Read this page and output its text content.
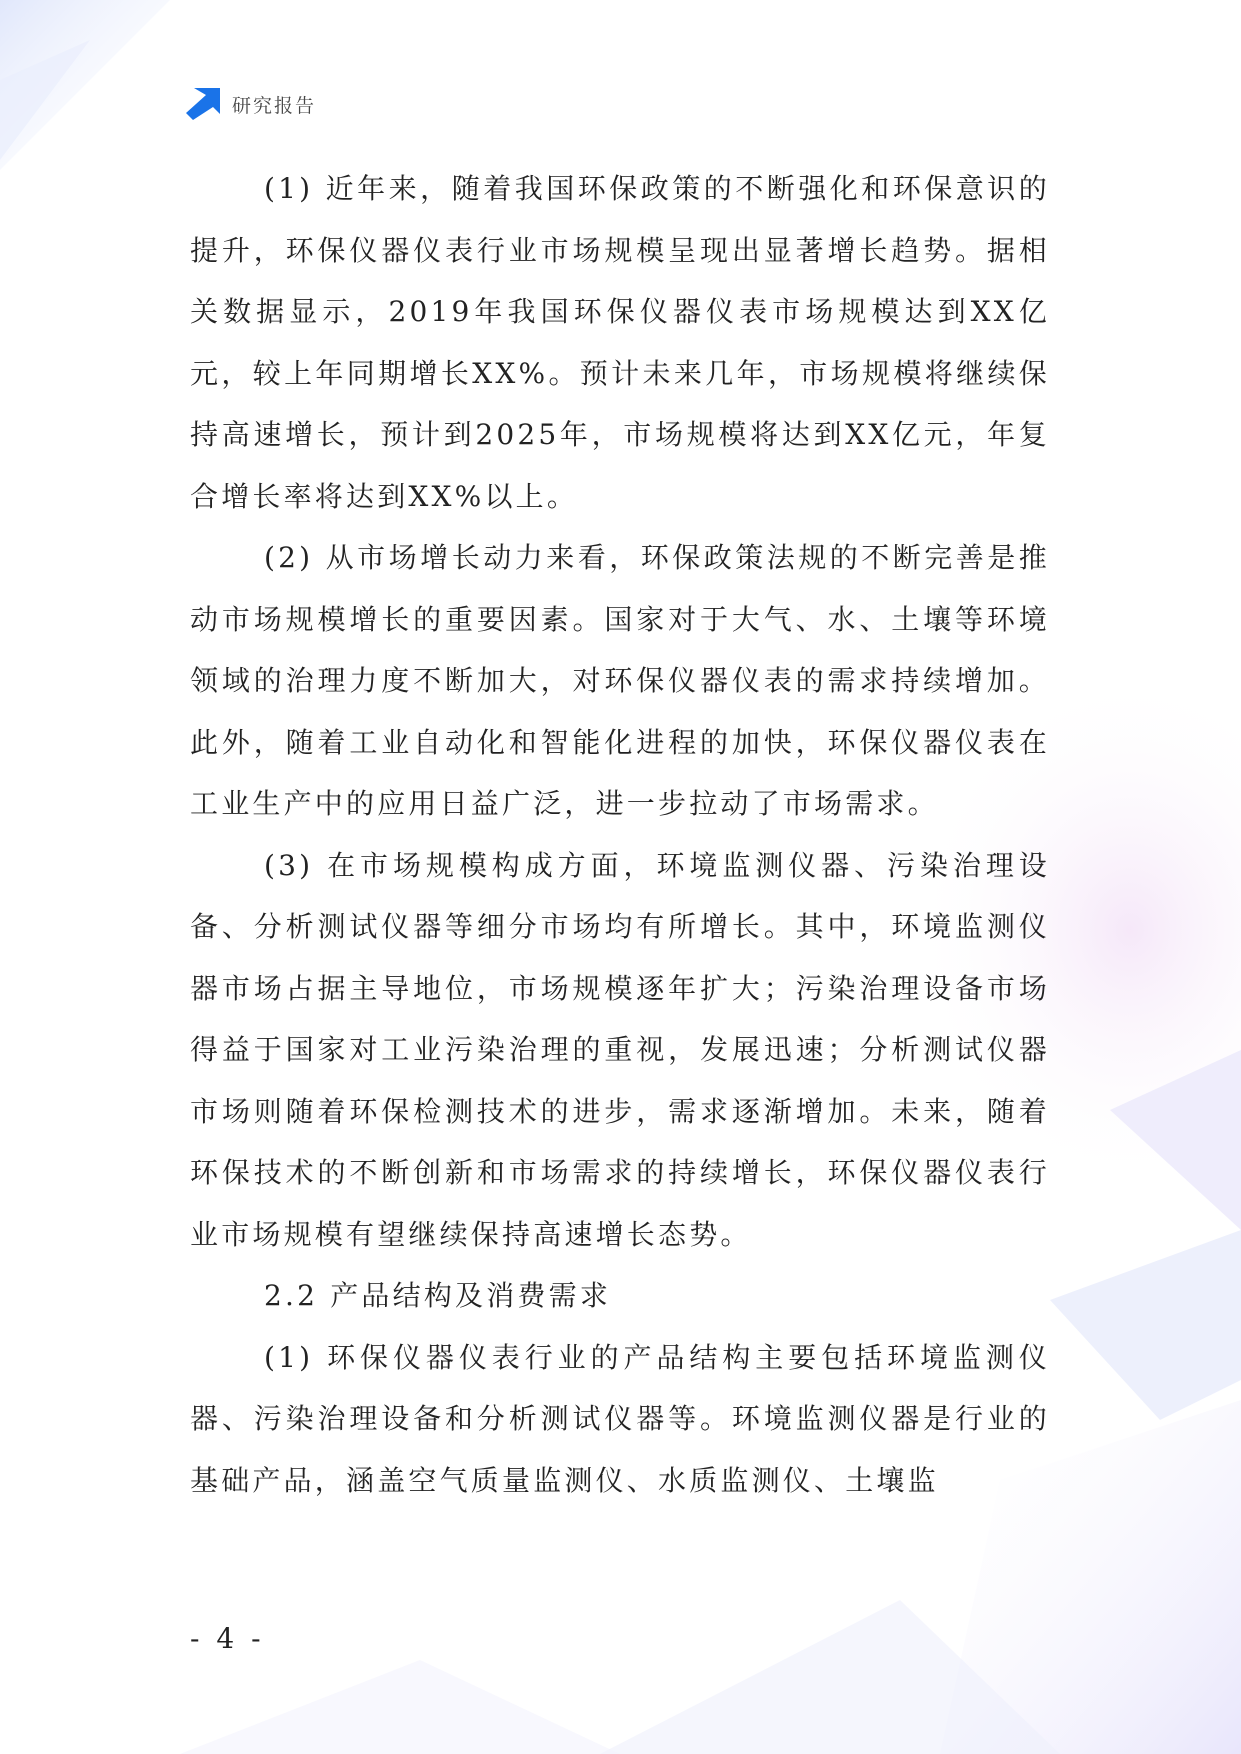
研究报告

(1) 近年来，随着我国环保政策的不断强化和环保意识的提升，环保仪器仪表行业市场规模呈现出显著增长趋势。据相关数据显示，2019年我国环保仪器仪表市场规模达到XX亿元，较上年同期增长XX%。预计未来几年，市场规模将继续保持高速增长，预计到2025年，市场规模将达到XX亿元，年复合增长率将达到XX%以上。

(2) 从市场增长动力来看，环保政策法规的不断完善是推动市场规模增长的重要因素。国家对于大气、水、土壤等环境领域的治理力度不断加大，对环保仪器仪表的需求持续增加。此外，随着工业自动化和智能化进程的加快，环保仪器仪表在工业生产中的应用日益广泛，进一步拉动了市场需求。

(3) 在市场规模构成方面，环境监测仪器、污染治理设备、分析测试仪器等细分市场均有所增长。其中，环境监测仪器市场占据主导地位，市场规模逐年扩大；污染治理设备市场得益于国家对工业污染治理的重视，发展迅速；分析测试仪器市场则随着环保检测技术的进步，需求逐渐增加。未来，随着环保技术的不断创新和市场需求的持续增长，环保仪器仪表行业市场规模有望继续保持高速增长态势。

2.2 产品结构及消费需求

(1) 环保仪器仪表行业的产品结构主要包括环境监测仪器、污染治理设备和分析测试仪器等。环境监测仪器是行业的基础产品，涵盖空气质量监测仪、水质监测仪、土壤监

- 4 -
